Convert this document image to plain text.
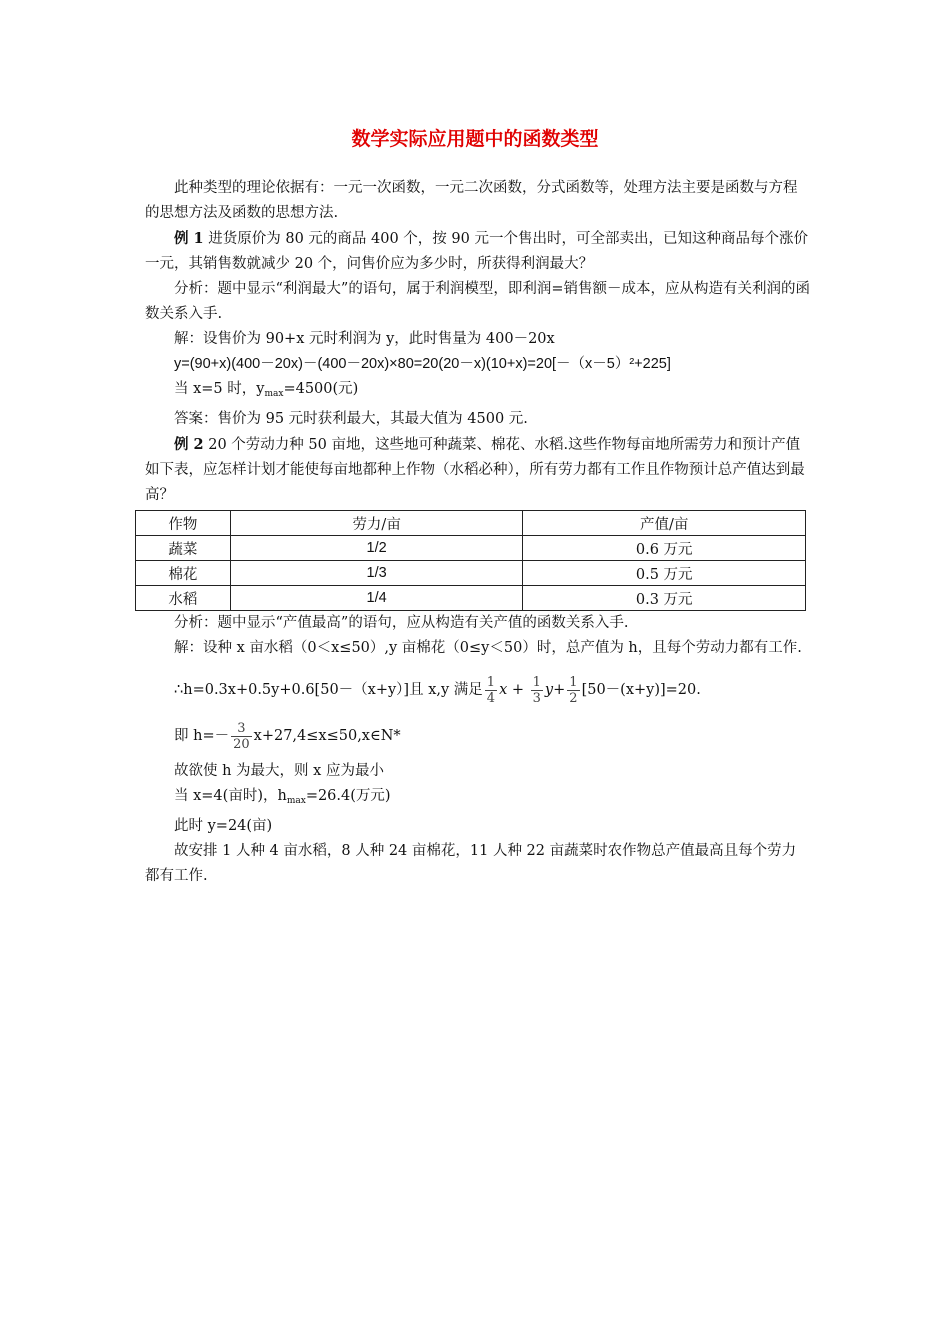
数学实际应用题中的函数类型

此种类型的理论依据有：一元一次函数，一元二次函数，分式函数等，处理方法主要是函数与方程的思想方法及函数的思想方法.

例 1 进货原价为 80 元的商品 400 个，按 90 元一个售出时，可全部卖出，已知这种商品每个涨价一元，其销售数就减少 20 个，问售价应为多少时，所获得利润最大？

分析：题中显示“利润最大”的语句，属于利润模型，即利润=销售额－成本，应从构造有关利润的函数关系入手.

解：设售价为 90+x 元时利润为 y，此时售量为 400－20x

y=(90+x)(400－20x)－(400－20x)×80=20(20－x)(10+x)=20[－（x－5）²+225]

当 x=5 时，$y_{max}=4500$(元)

答案：售价为 95 元时获利最大，其最大值为 4500 元.

例 2 20 个劳动力种 50 亩地，这些地可种蔬菜、棉花、水稻.这些作物每亩地所需劳力和预计产值如下表，应怎样计划才能使每亩地都种上作物（水稻必种），所有劳力都有工作且作物预计总产值达到最高？

作物	劳力/亩	产值/亩
蔬菜	1/2	0.6 万元
棉花	1/3	0.5 万元
水稻	1/4	0.3 万元

分析：题中显示“产值最高”的语句，应从构造有关产值的函数关系入手.

解：设种 x 亩水稻（0＜x≤50）,y 亩棉花（0≤y＜50）时，总产值为 h，且每个劳动力都有工作.

∴h=0.3x+0.5y+0.6[50－（x+y）]且 x,y 满足 $\frac{1}{4}$ $x + \frac{1}{3} y+ \frac{1}{2} [50-(x+y)]=20$.

即 $h=- \frac{3}{20}$ x+27,4≤x≤50,x∈N*

故欲使 h 为最大，则 x 应为最小

当 x=4(亩时)，$h_{max}=26.4$(万元)

此时 y=24(亩)

故安排 1 人种 4 亩水稻，8 人种 24 亩棉花，11 人种 22 亩蔬菜时农作物总产值最高且每个劳力都有工作.
